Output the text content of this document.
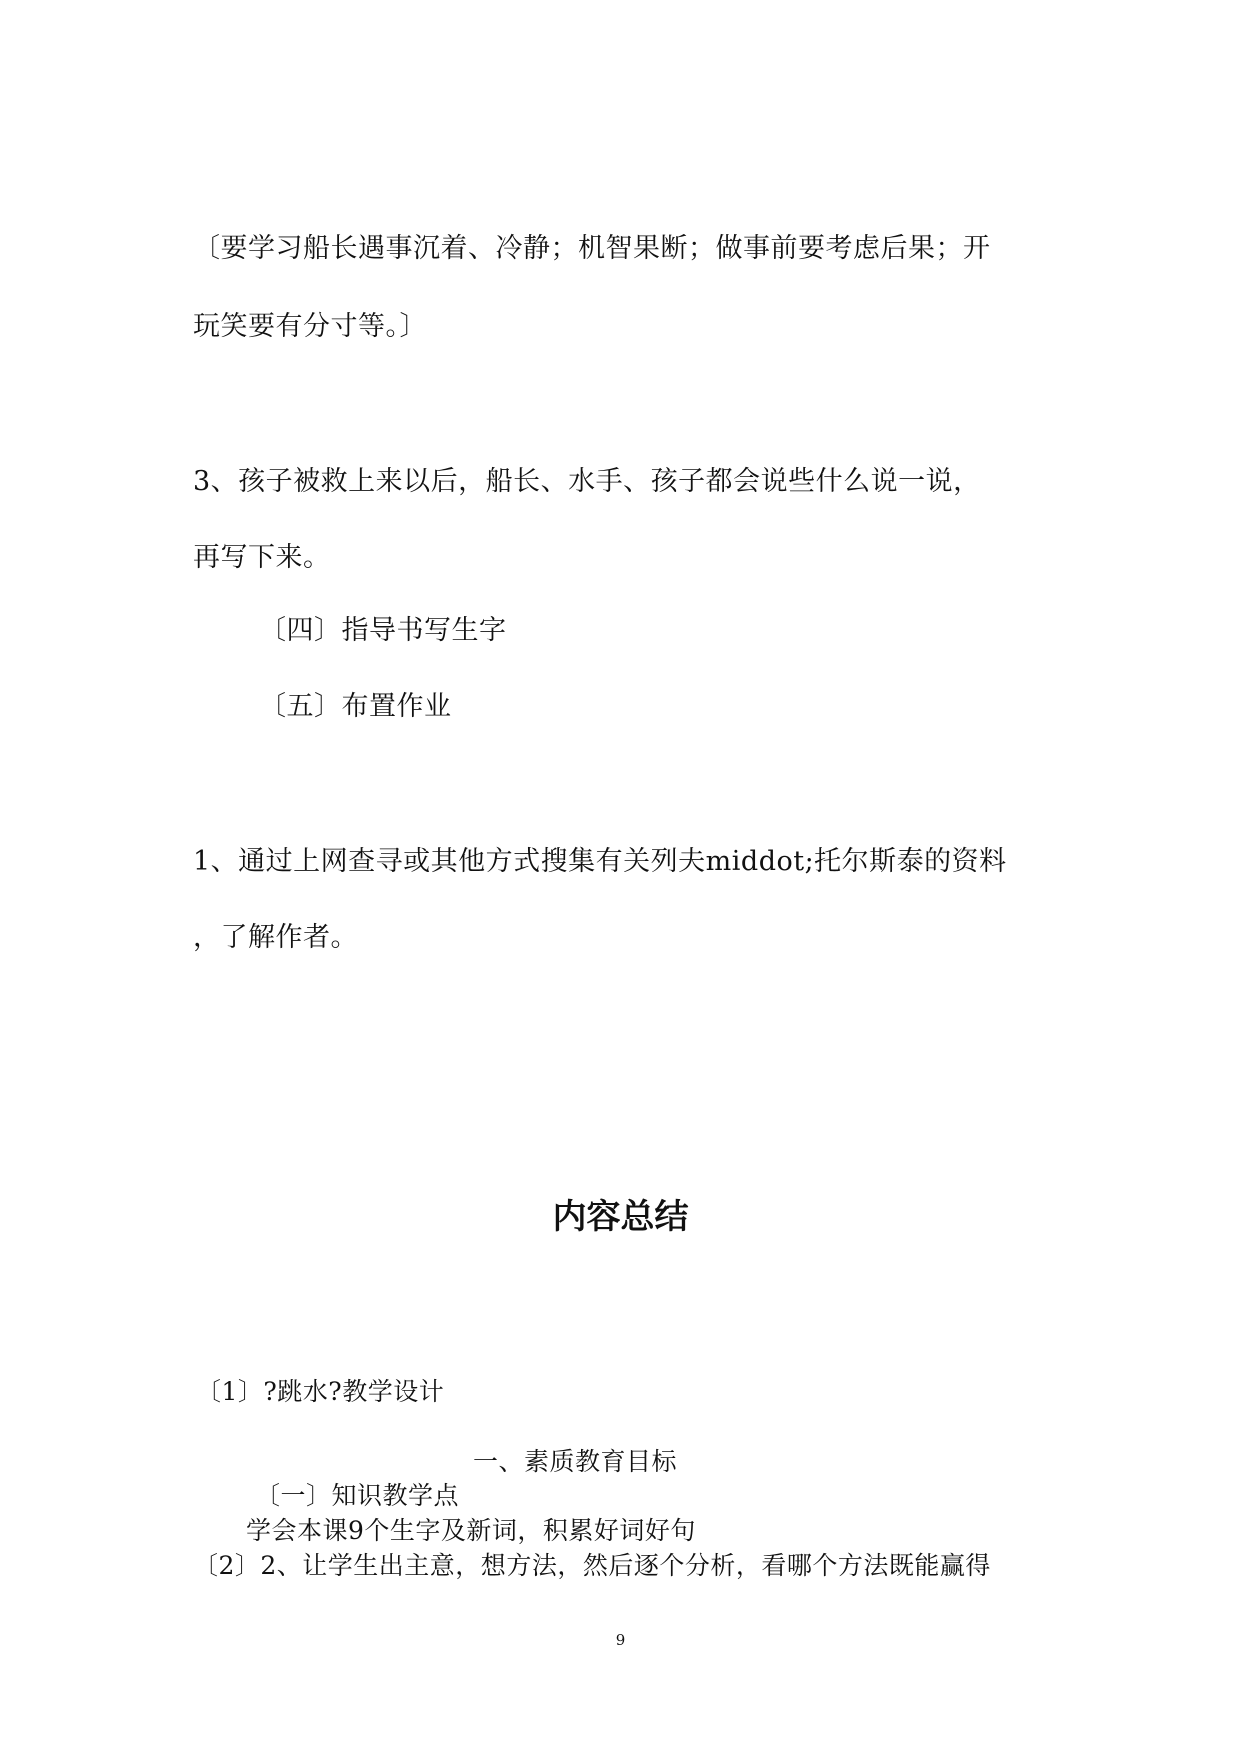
〔要学习船长遇事沉着、冷静；机智果断；做事前要考虑后果；开
玩笑要有分寸等。〕
3、孩子被救上来以后，船长、水手、孩子都会说些什么说一说，
再写下来。
〔四〕指导书写生字
〔五〕布置作业
1、通过上网查寻或其他方式搜集有关列夫middot;托尔斯泰的资料
，了解作者。
内容总结
〔1〕?跳水?教学设计
一、素质教育目标
〔一〕知识教学点
学会本课9个生字及新词，积累好词好句
〔2〕2、让学生出主意，想方法，然后逐个分析，看哪个方法既能赢得
9
